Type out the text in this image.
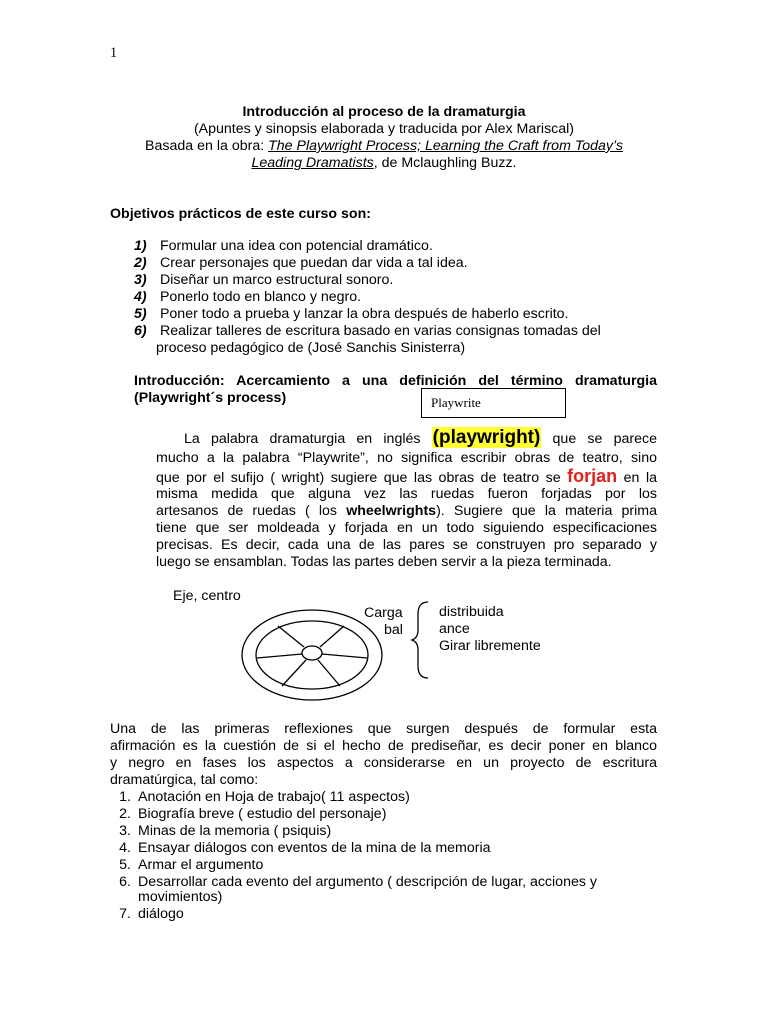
1
Introducción al proceso de la dramaturgia
(Apuntes y sinopsis elaborada y traducida por Alex Mariscal)
Basada en la obra: The Playwright Process; Learning the Craft from Today’s
Leading Dramatists, de Mclaughling Buzz.
Objetivos prácticos de este curso son:
1) Formular una idea con potencial dramático.
2) Crear personajes que puedan dar vida a tal idea.
3) Diseñar un marco estructural sonoro.
4) Ponerlo todo en blanco y negro.
5) Poner todo a prueba y lanzar la obra después de haberlo escrito.
6) Realizar talleres de escritura basado en varias consignas tomadas del
proceso pedagógico de (José Sanchis Sinisterra)
Introducción: Acercamiento a una definición del término dramaturgia
(Playwright´s process)	Playwrite
La palabra dramaturgia en inglés (playwright) que se parece
mucho a la palabra “Playwrite”, no significa escribir obras de teatro, sino
que por el sufijo ( wright) sugiere que las obras de teatro se forjan en la
misma medida que alguna vez las ruedas fueron forjadas por los
artesanos de ruedas ( los wheelwrights). Sugiere que la materia prima
tiene que ser moldeada y forjada en un todo siguiendo especificaciones
precisas. Es decir, cada una de las pares se construyen pro separado y
luego se ensamblan. Todas las partes deben servir a la pieza terminada.
Eje, centro
Carga
bal
distribuida
ance
Girar libremente
Una de las primeras reflexiones que surgen después de formular esta
afirmación es la cuestión de si el hecho de prediseñar, es decir poner en blanco
y negro en fases los aspectos a considerarse en un proyecto de escritura
dramatúrgica, tal como:
1. Anotación en Hoja de trabajo( 11 aspectos)
2. Biografía breve ( estudio del personaje)
3. Minas de la memoria ( psiquis)
4. Ensayar diálogos con eventos de la mina de la memoria
5. Armar el argumento
6. Desarrollar cada evento del argumento ( descripción de lugar, acciones y
movimientos)
7. diálogo
